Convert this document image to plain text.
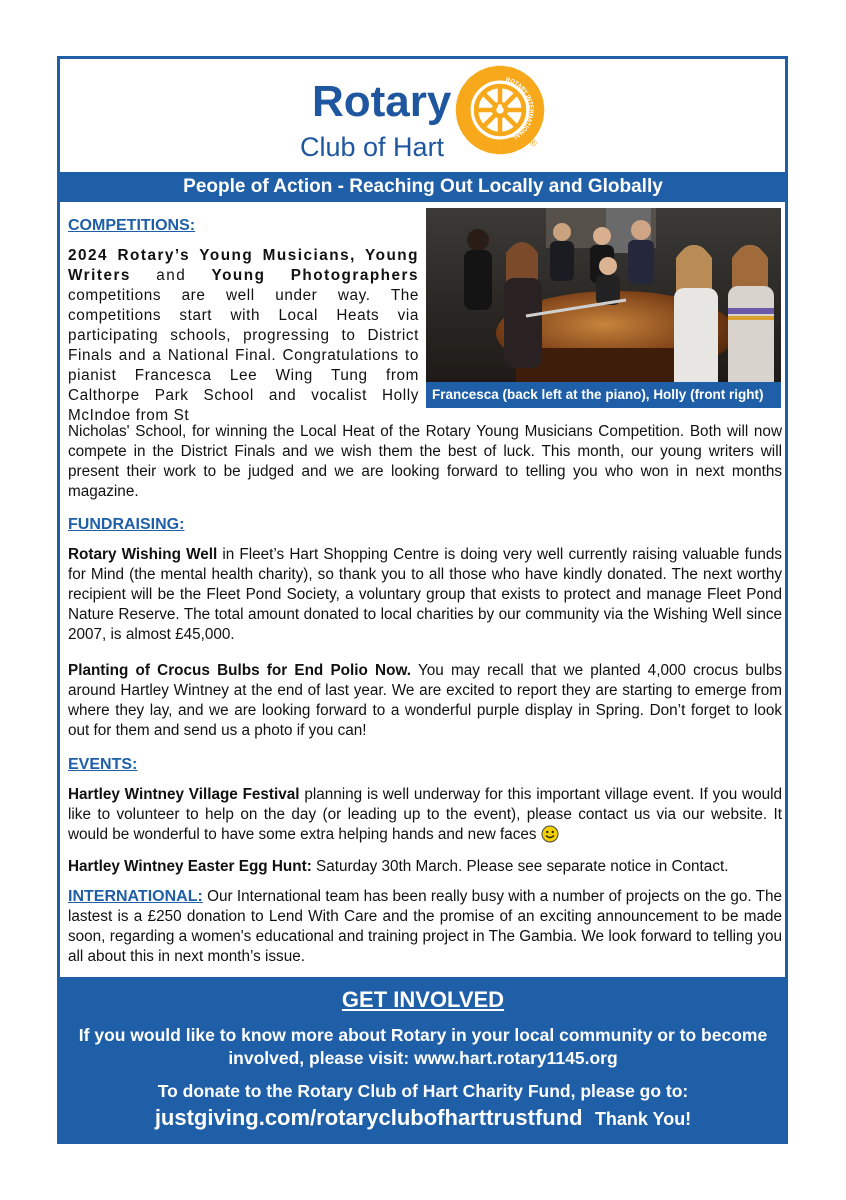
Rotary
Club of Hart
ROTARY INTERNATIONAL
®
People of Action - Reaching Out Locally and Globally
COMPETITIONS:
Francesca (back left at the piano), Holly (front right)
2024 Rotary’s Young Musicians, Young Writers and Young Photographers competitions are well under way. The competitions start with Local Heats via participating schools, progressing to District Finals and a National Final. Congratulations to pianist Francesca Lee Wing Tung from Calthorpe Park School and vocalist Holly McIndoe from St
Nicholas' School, for winning the Local Heat of the Rotary Young Musicians Competition. Both will now compete in the District Finals and we wish them the best of luck. This month, our young writers will present their work to be judged and we are looking forward to telling you who won in next months magazine.
FUNDRAISING:
Rotary Wishing Well in Fleet’s Hart Shopping Centre is doing very well currently raising valuable funds for Mind (the mental health charity), so thank you to all those who have kindly donated. The next worthy recipient will be the Fleet Pond Society, a voluntary group that exists to protect and manage Fleet Pond Nature Reserve. The total amount donated to local charities by our community via the Wishing Well since 2007, is almost £45,000.
Planting of Crocus Bulbs for End Polio Now. You may recall that we planted 4,000 crocus bulbs around Hartley Wintney at the end of last year. We are excited to report they are starting to emerge from where they lay, and we are looking forward to a wonderful purple display in Spring. Don’t forget to look out for them and send us a photo if you can!
EVENTS:
Hartley Wintney Village Festival planning is well underway for this important village event. If you would like to volunteer to help on the day (or leading up to the event), please contact us via our website. It would be wonderful to have some extra helping hands and new faces
Hartley Wintney Easter Egg Hunt: Saturday 30th March. Please see separate notice in Contact.
INTERNATIONAL: Our International team has been really busy with a number of projects on the go. The lastest is a £250 donation to Lend With Care and the promise of an exciting announcement to be made soon, regarding a women's educational and training project in The Gambia. We look forward to telling you all about this in next month’s issue.
GET INVOLVED
If you would like to know more about Rotary in your local community or to become involved, please visit: www.hart.rotary1145.org
To donate to the Rotary Club of Hart Charity Fund, please go to:
justgiving.com/rotaryclubofharttrustfund Thank You!
